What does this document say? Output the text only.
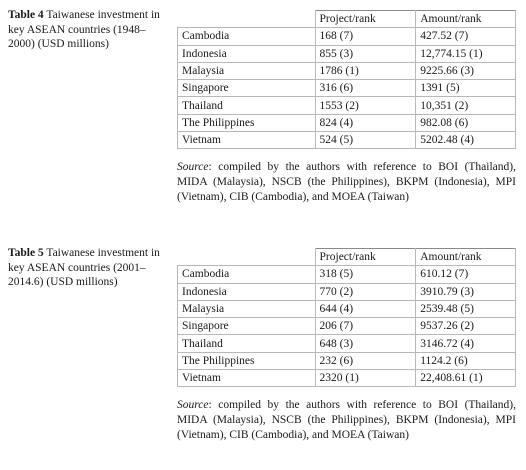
Table 4 Taiwanese investment in key ASEAN countries (1948–2000) (USD millions)
	Project/rank	Amount/rank
Cambodia	168 (7)	427.52 (7)
Indonesia	855 (3)	12,774.15 (1)
Malaysia	1786 (1)	9225.66 (3)
Singapore	316 (6)	1391 (5)
Thailand	1553 (2)	10,351 (2)
The Philippines	824 (4)	982.08 (6)
Vietnam	524 (5)	5202.48 (4)
Source: compiled by the authors with reference to BOI (Thailand), MIDA (Malaysia), NSCB (the Philippines), BKPM (Indonesia), MPI (Vietnam), CIB (Cambodia), and MOEA (Taiwan)
Table 5 Taiwanese investment in key ASEAN countries (2001–2014.6) (USD millions)
	Project/rank	Amount/rank
Cambodia	318 (5)	610.12 (7)
Indonesia	770 (2)	3910.79 (3)
Malaysia	644 (4)	2539.48 (5)
Singapore	206 (7)	9537.26 (2)
Thailand	648 (3)	3146.72 (4)
The Philippines	232 (6)	1124.2 (6)
Vietnam	2320 (1)	22,408.61 (1)
Source: compiled by the authors with reference to BOI (Thailand), MIDA (Malaysia), NSCB (the Philippines), BKPM (Indonesia), MPI (Vietnam), CIB (Cambodia), and MOEA (Taiwan)
